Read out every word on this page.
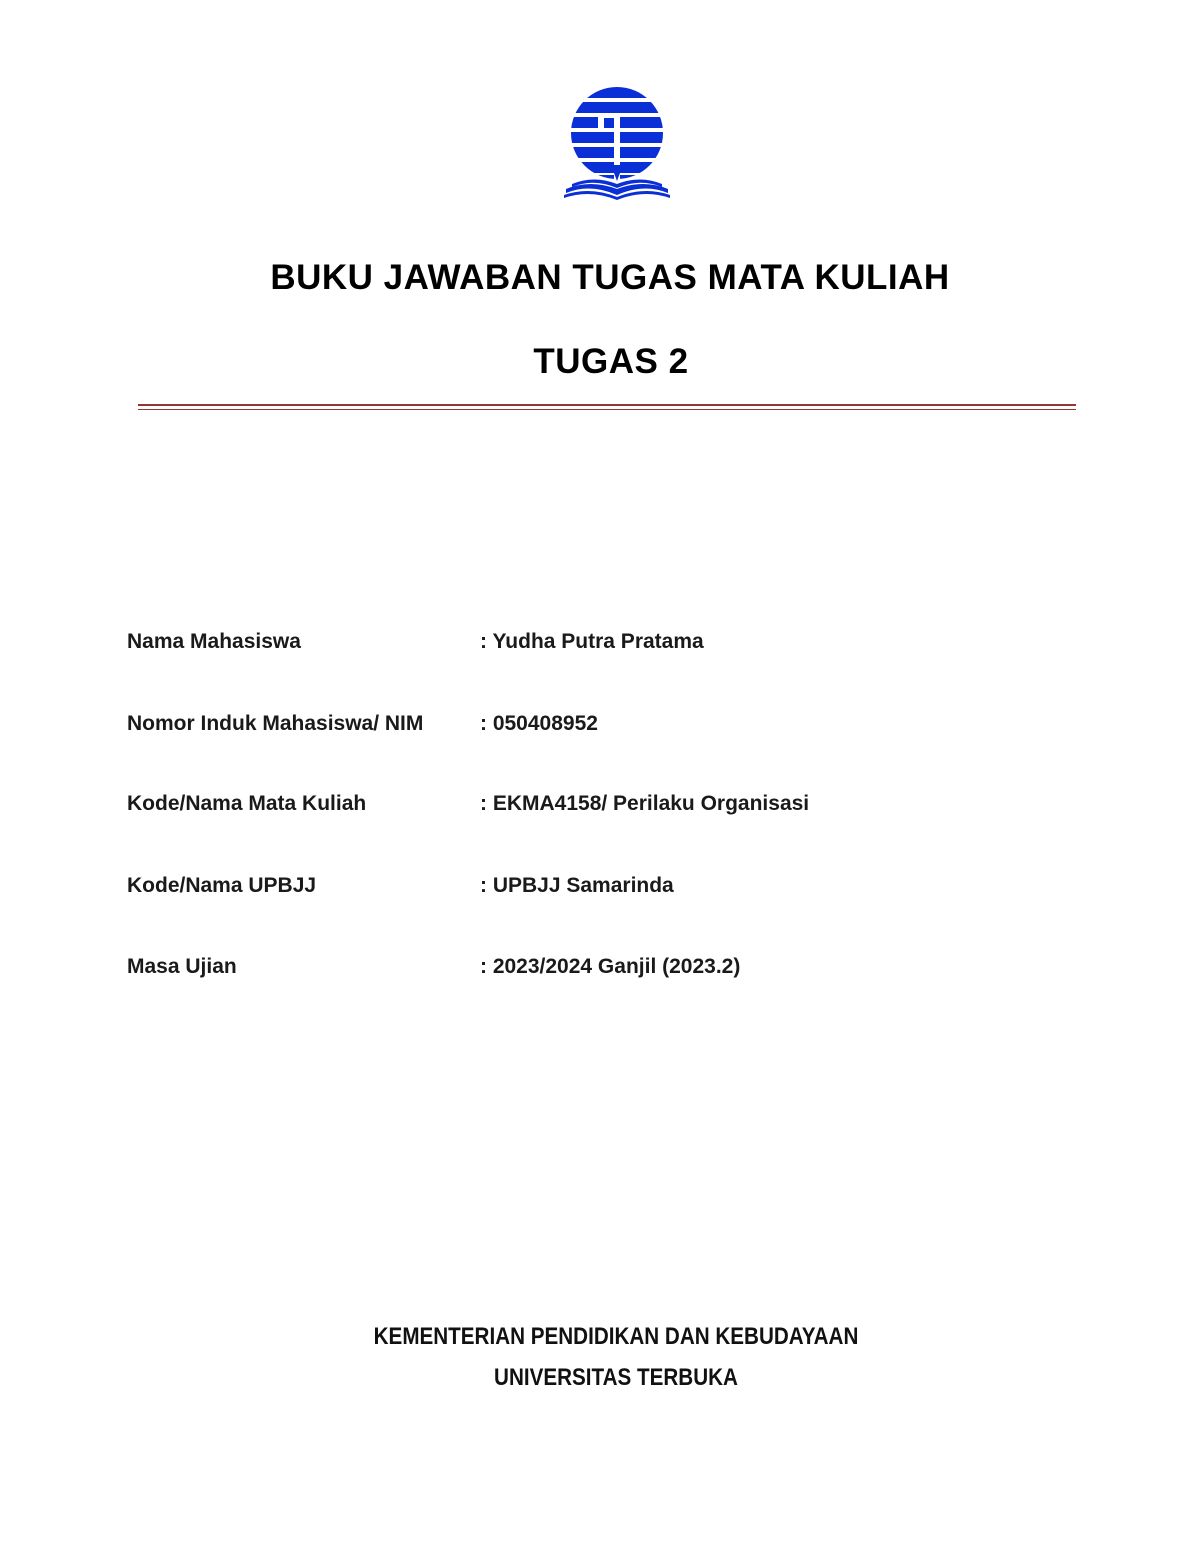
BUKU JAWABAN TUGAS MATA KULIAH
TUGAS 2
Nama Mahasiswa	: Yudha Putra Pratama
Nomor Induk Mahasiswa/ NIM	: 050408952
Kode/Nama Mata Kuliah	: EKMA4158/ Perilaku Organisasi
Kode/Nama UPBJJ	: UPBJJ Samarinda
Masa Ujian	: 2023/2024 Ganjil (2023.2)
KEMENTERIAN PENDIDIKAN DAN KEBUDAYAAN
UNIVERSITAS TERBUKA
